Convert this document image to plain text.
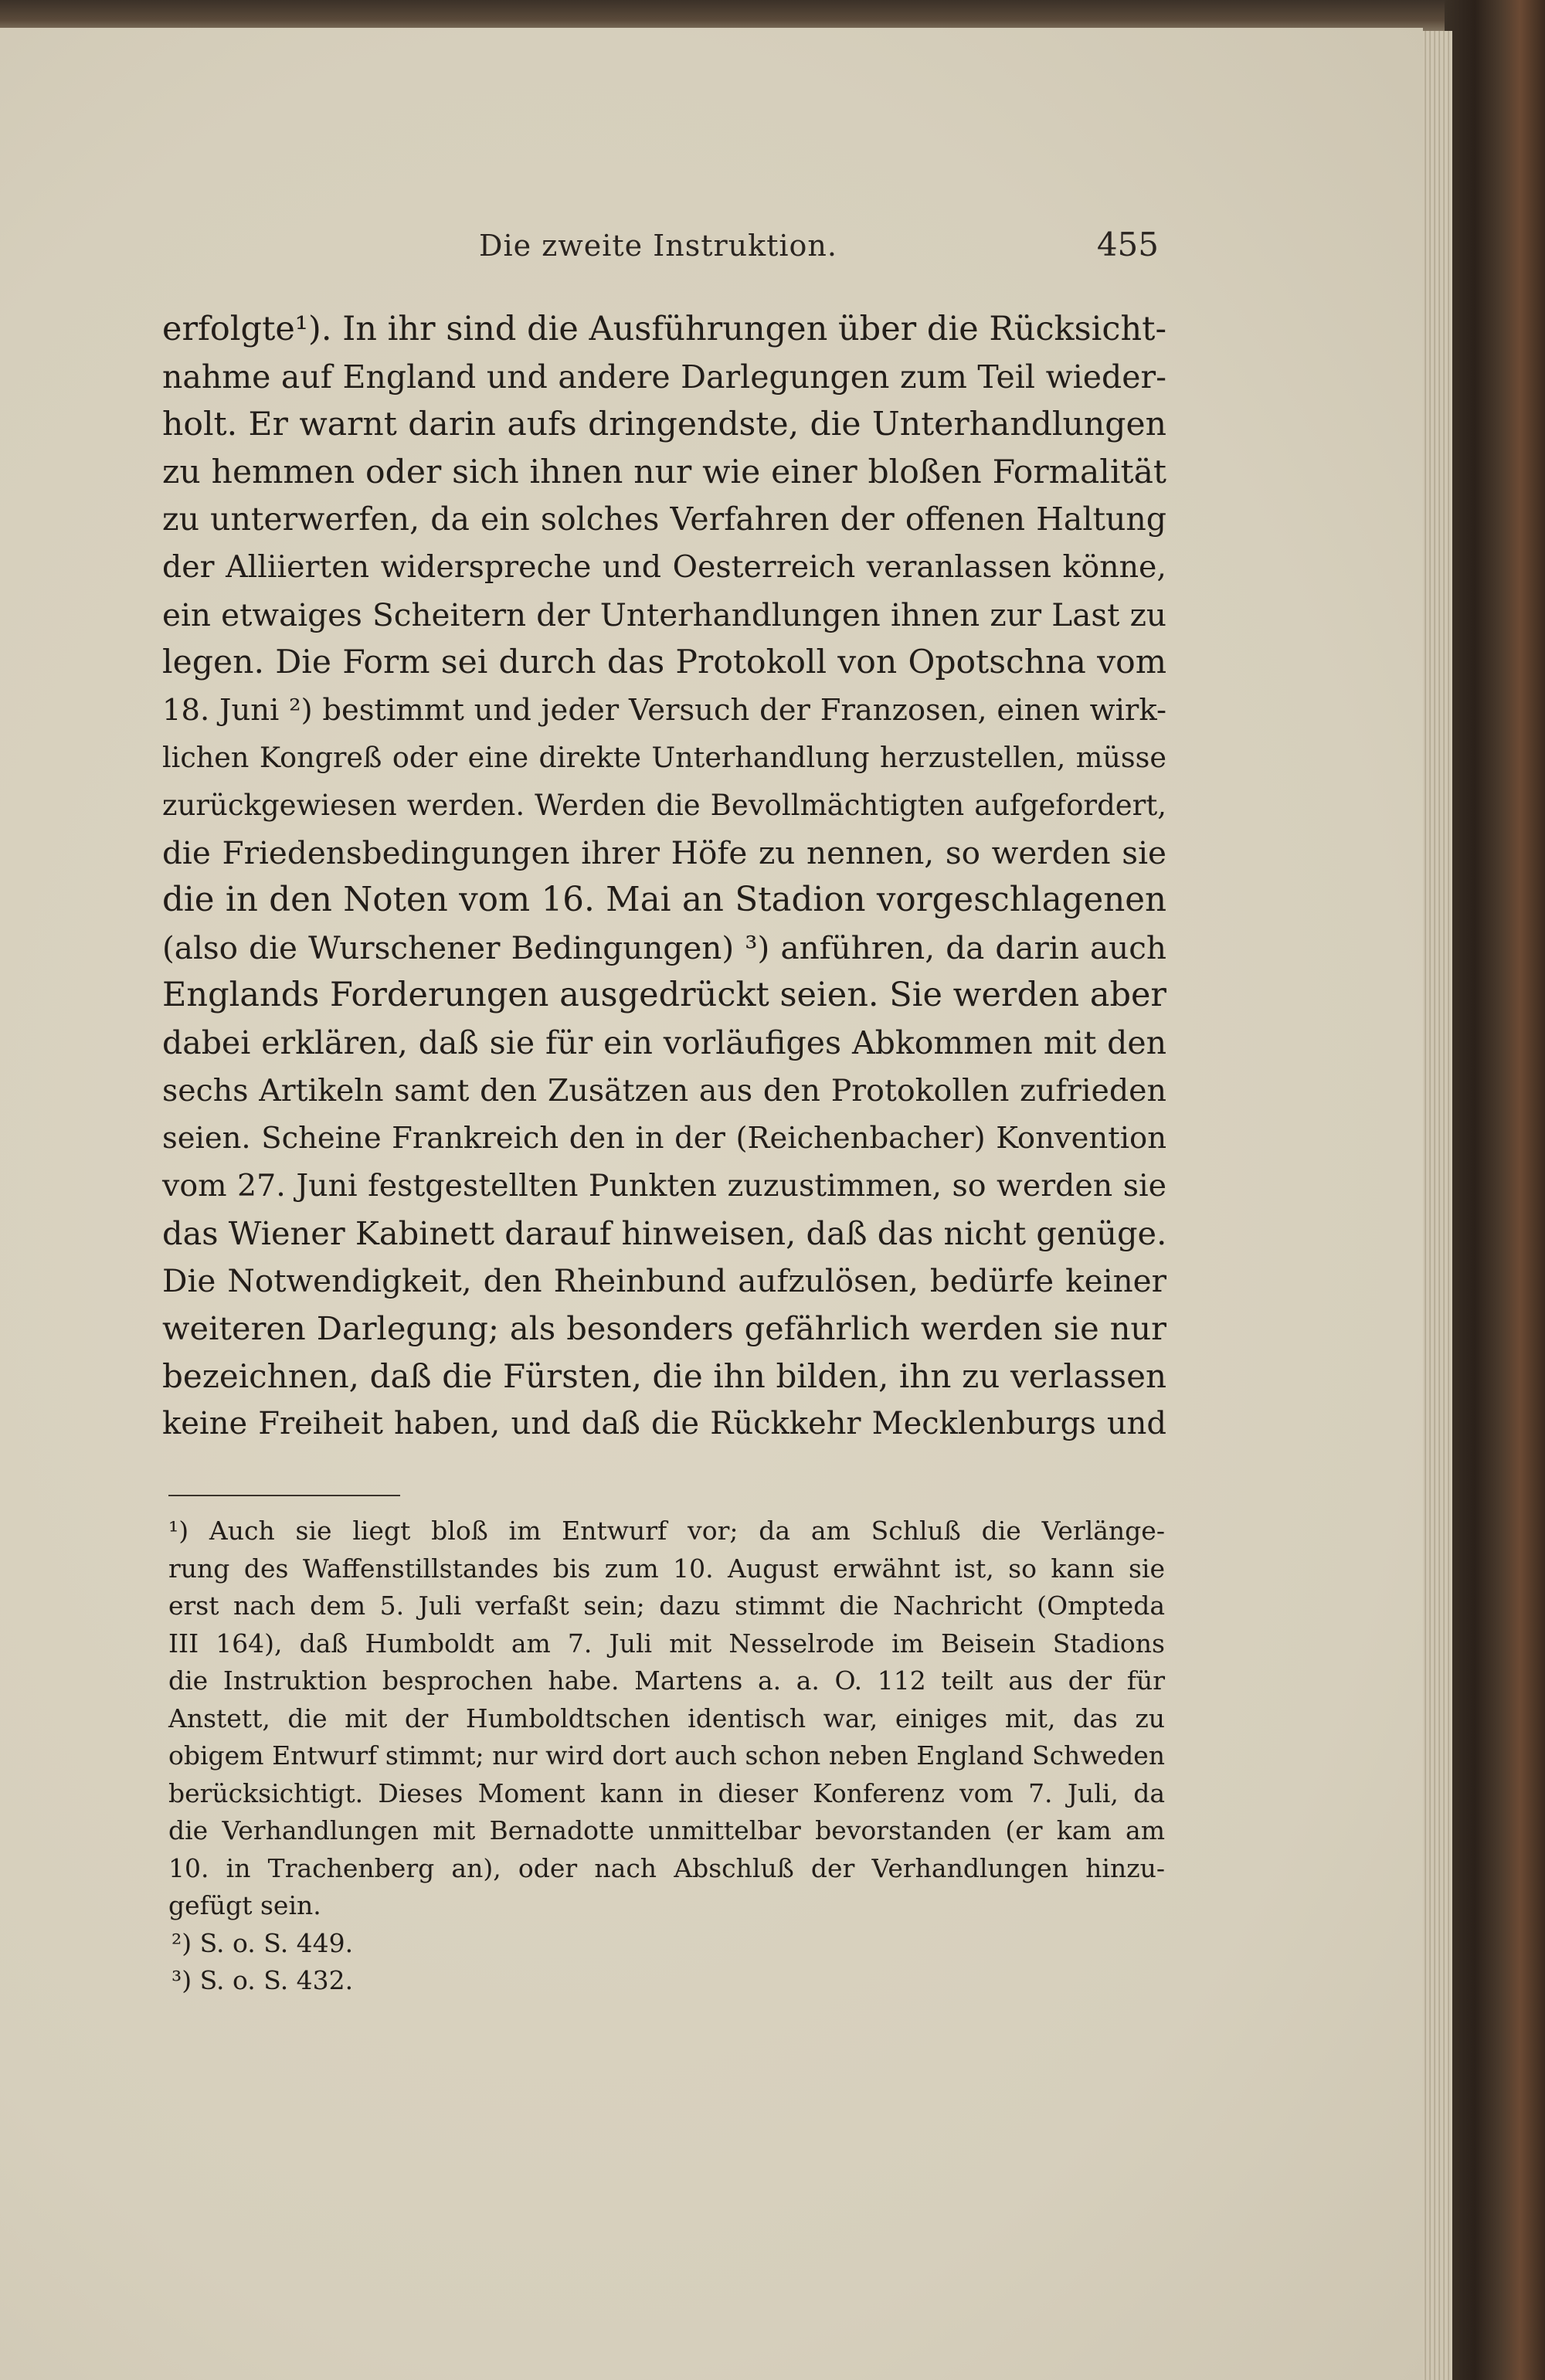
Die zweite Instruktion.	455
erfolgte¹). In ihr sind die Ausführungen über die Rücksicht-
nahme auf England und andere Darlegungen zum Teil wieder-
holt. Er warnt darin aufs dringendste, die Unterhandlungen
zu hemmen oder sich ihnen nur wie einer bloßen Formalität
zu unterwerfen, da ein solches Verfahren der offenen Haltung
der Alliierten widerspreche und Oesterreich veranlassen könne,
ein etwaiges Scheitern der Unterhandlungen ihnen zur Last zu
legen. Die Form sei durch das Protokoll von Opotschna vom
18. Juni ²) bestimmt und jeder Versuch der Franzosen, einen wirk-
lichen Kongreß oder eine direkte Unterhandlung herzustellen, müsse
zurückgewiesen werden. Werden die Bevollmächtigten aufgefordert,
die Friedensbedingungen ihrer Höfe zu nennen, so werden sie
die in den Noten vom 16. Mai an Stadion vorgeschlagenen
(also die Wurschener Bedingungen) ³) anführen, da darin auch
Englands Forderungen ausgedrückt seien. Sie werden aber
dabei erklären, daß sie für ein vorläufiges Abkommen mit den
sechs Artikeln samt den Zusätzen aus den Protokollen zufrieden
seien. Scheine Frankreich den in der (Reichenbacher) Konvention
vom 27. Juni festgestellten Punkten zuzustimmen, so werden sie
das Wiener Kabinett darauf hinweisen, daß das nicht genüge.
Die Notwendigkeit, den Rheinbund aufzulösen, bedürfe keiner
weiteren Darlegung; als besonders gefährlich werden sie nur
bezeichnen, daß die Fürsten, die ihn bilden, ihn zu verlassen
keine Freiheit haben, und daß die Rückkehr Mecklenburgs und
¹) Auch sie liegt bloß im Entwurf vor; da am Schluß die Verlänge-
rung des Waffenstillstandes bis zum 10. August erwähnt ist, so kann sie
erst nach dem 5. Juli verfaßt sein; dazu stimmt die Nachricht (Ompteda
III 164), daß Humboldt am 7. Juli mit Nesselrode im Beisein Stadions
die Instruktion besprochen habe. Martens a. a. O. 112 teilt aus der für
Anstett, die mit der Humboldtschen identisch war, einiges mit, das zu
obigem Entwurf stimmt; nur wird dort auch schon neben England Schweden
berücksichtigt. Dieses Moment kann in dieser Konferenz vom 7. Juli, da
die Verhandlungen mit Bernadotte unmittelbar bevorstanden (er kam am
10. in Trachenberg an), oder nach Abschluß der Verhandlungen hinzu-
gefügt sein.
²) S. o. S. 449.
³) S. o. S. 432.
